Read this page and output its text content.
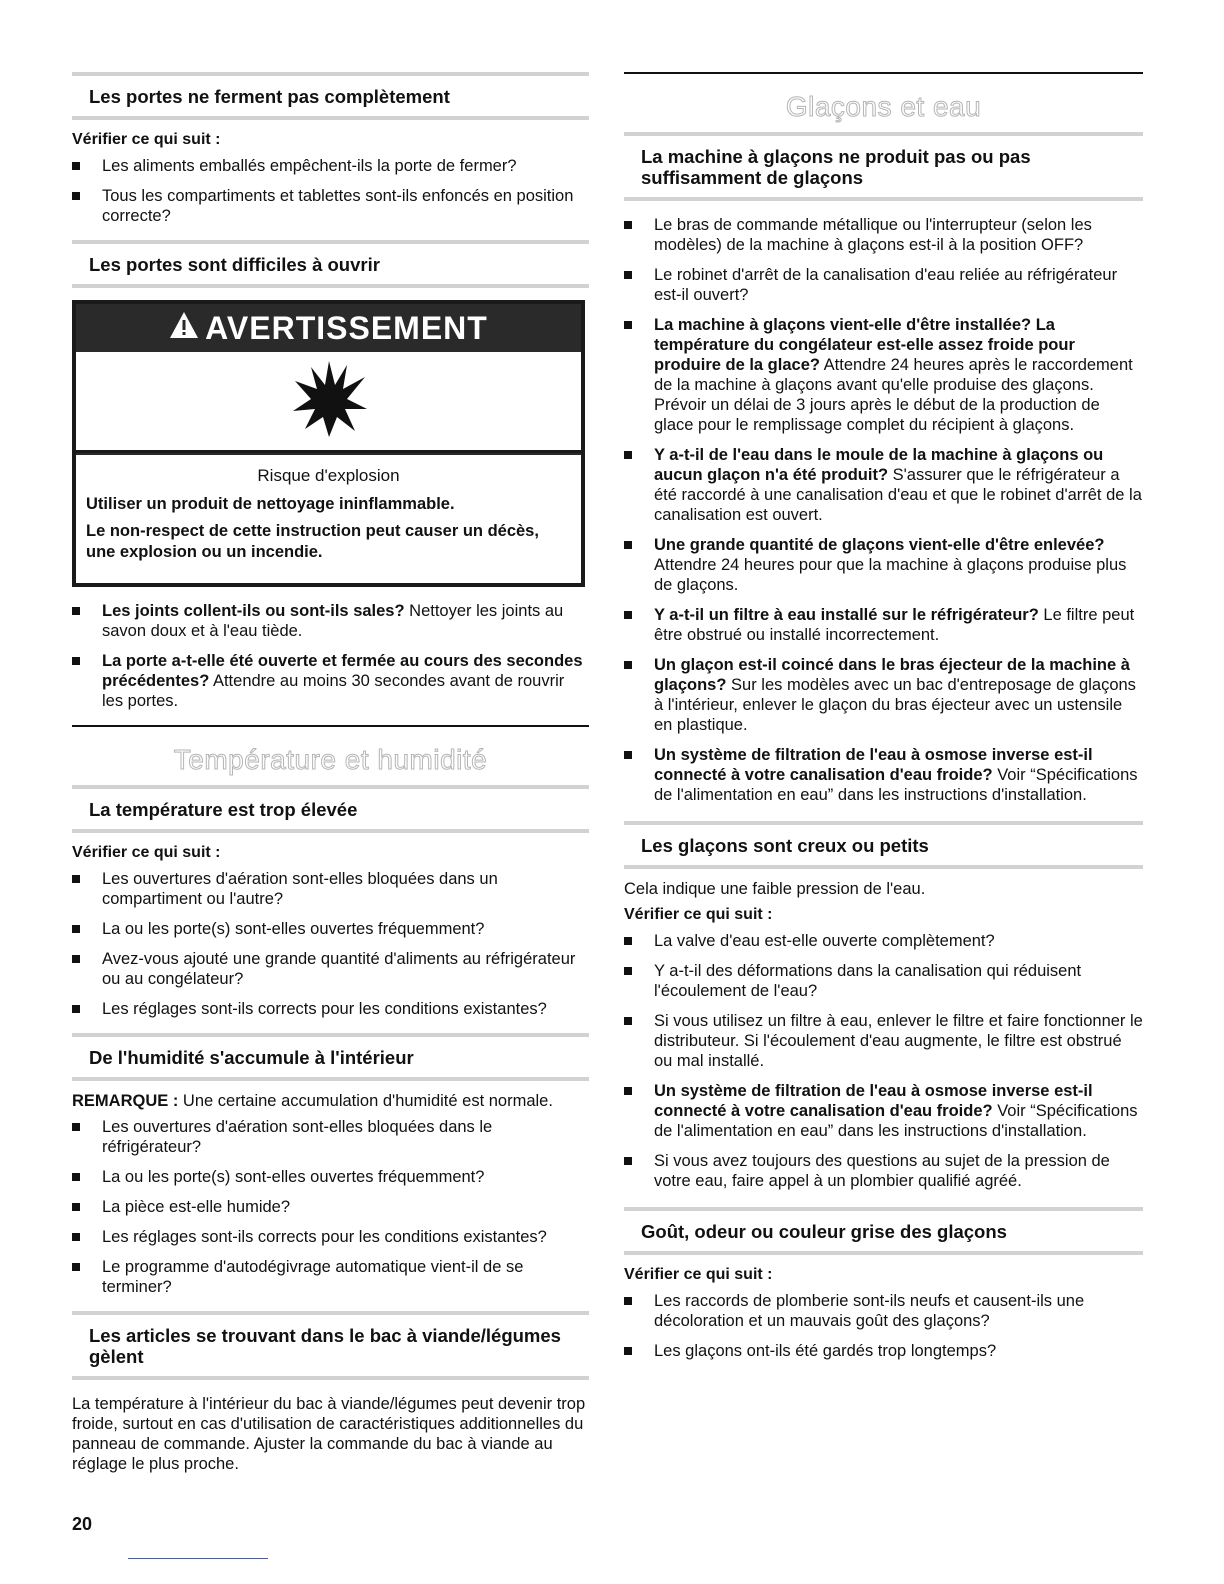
Les portes ne ferment pas complètement
Vérifier ce qui suit :
Les aliments emballés empêchent-ils la porte de fermer?
Tous les compartiments et tablettes sont-ils enfoncés en position correcte?
Les portes sont difficiles à ouvrir
AVERTISSEMENT
Risque d'explosion
Utiliser un produit de nettoyage ininflammable.
Le non-respect de cette instruction peut causer un décès, une explosion ou un incendie.
Les joints collent-ils ou sont-ils sales? Nettoyer les joints au savon doux et à l'eau tiède.
La porte a-t-elle été ouverte et fermée au cours des secondes précédentes? Attendre au moins 30 secondes avant de rouvrir les portes.
Température et humidité
La température est trop élevée
Vérifier ce qui suit :
Les ouvertures d'aération sont-elles bloquées dans un compartiment ou l'autre?
La ou les porte(s) sont-elles ouvertes fréquemment?
Avez-vous ajouté une grande quantité d'aliments au réfrigérateur ou au congélateur?
Les réglages sont-ils corrects pour les conditions existantes?
De l'humidité s'accumule à l'intérieur
REMARQUE : Une certaine accumulation d'humidité est normale.
Les ouvertures d'aération sont-elles bloquées dans le réfrigérateur?
La ou les porte(s) sont-elles ouvertes fréquemment?
La pièce est-elle humide?
Les réglages sont-ils corrects pour les conditions existantes?
Le programme d'autodégivrage automatique vient-il de se terminer?
Les articles se trouvant dans le bac à viande/légumes gèlent
La température à l'intérieur du bac à viande/légumes peut devenir trop froide, surtout en cas d'utilisation de caractéristiques additionnelles du panneau de commande. Ajuster la commande du bac à viande au réglage le plus proche.
Glaçons et eau
La machine à glaçons ne produit pas ou pas suffisamment de glaçons
Le bras de commande métallique ou l'interrupteur (selon les modèles) de la machine à glaçons est-il à la position OFF?
Le robinet d'arrêt de la canalisation d'eau reliée au réfrigérateur est-il ouvert?
La machine à glaçons vient-elle d'être installée? La température du congélateur est-elle assez froide pour produire de la glace? Attendre 24 heures après le raccordement de la machine à glaçons avant qu'elle produise des glaçons. Prévoir un délai de 3 jours après le début de la production de glace pour le remplissage complet du récipient à glaçons.
Y a-t-il de l'eau dans le moule de la machine à glaçons ou aucun glaçon n'a été produit? S'assurer que le réfrigérateur a été raccordé à une canalisation d'eau et que le robinet d'arrêt de la canalisation est ouvert.
Une grande quantité de glaçons vient-elle d'être enlevée? Attendre 24 heures pour que la machine à glaçons produise plus de glaçons.
Y a-t-il un filtre à eau installé sur le réfrigérateur? Le filtre peut être obstrué ou installé incorrectement.
Un glaçon est-il coincé dans le bras éjecteur de la machine à glaçons? Sur les modèles avec un bac d'entreposage de glaçons à l'intérieur, enlever le glaçon du bras éjecteur avec un ustensile en plastique.
Un système de filtration de l'eau à osmose inverse est-il connecté à votre canalisation d'eau froide? Voir “Spécifications de l'alimentation en eau” dans les instructions d'installation.
Les glaçons sont creux ou petits
Cela indique une faible pression de l'eau.
Vérifier ce qui suit :
La valve d'eau est-elle ouverte complètement?
Y a-t-il des déformations dans la canalisation qui réduisent l'écoulement de l'eau?
Si vous utilisez un filtre à eau, enlever le filtre et faire fonctionner le distributeur. Si l'écoulement d'eau augmente, le filtre est obstrué ou mal installé.
Un système de filtration de l'eau à osmose inverse est-il connecté à votre canalisation d'eau froide? Voir “Spécifications de l'alimentation en eau” dans les instructions d'installation.
Si vous avez toujours des questions au sujet de la pression de votre eau, faire appel à un plombier qualifié agréé.
Goût, odeur ou couleur grise des glaçons
Vérifier ce qui suit :
Les raccords de plomberie sont-ils neufs et causent-ils une décoloration et un mauvais goût des glaçons?
Les glaçons ont-ils été gardés trop longtemps?
20
